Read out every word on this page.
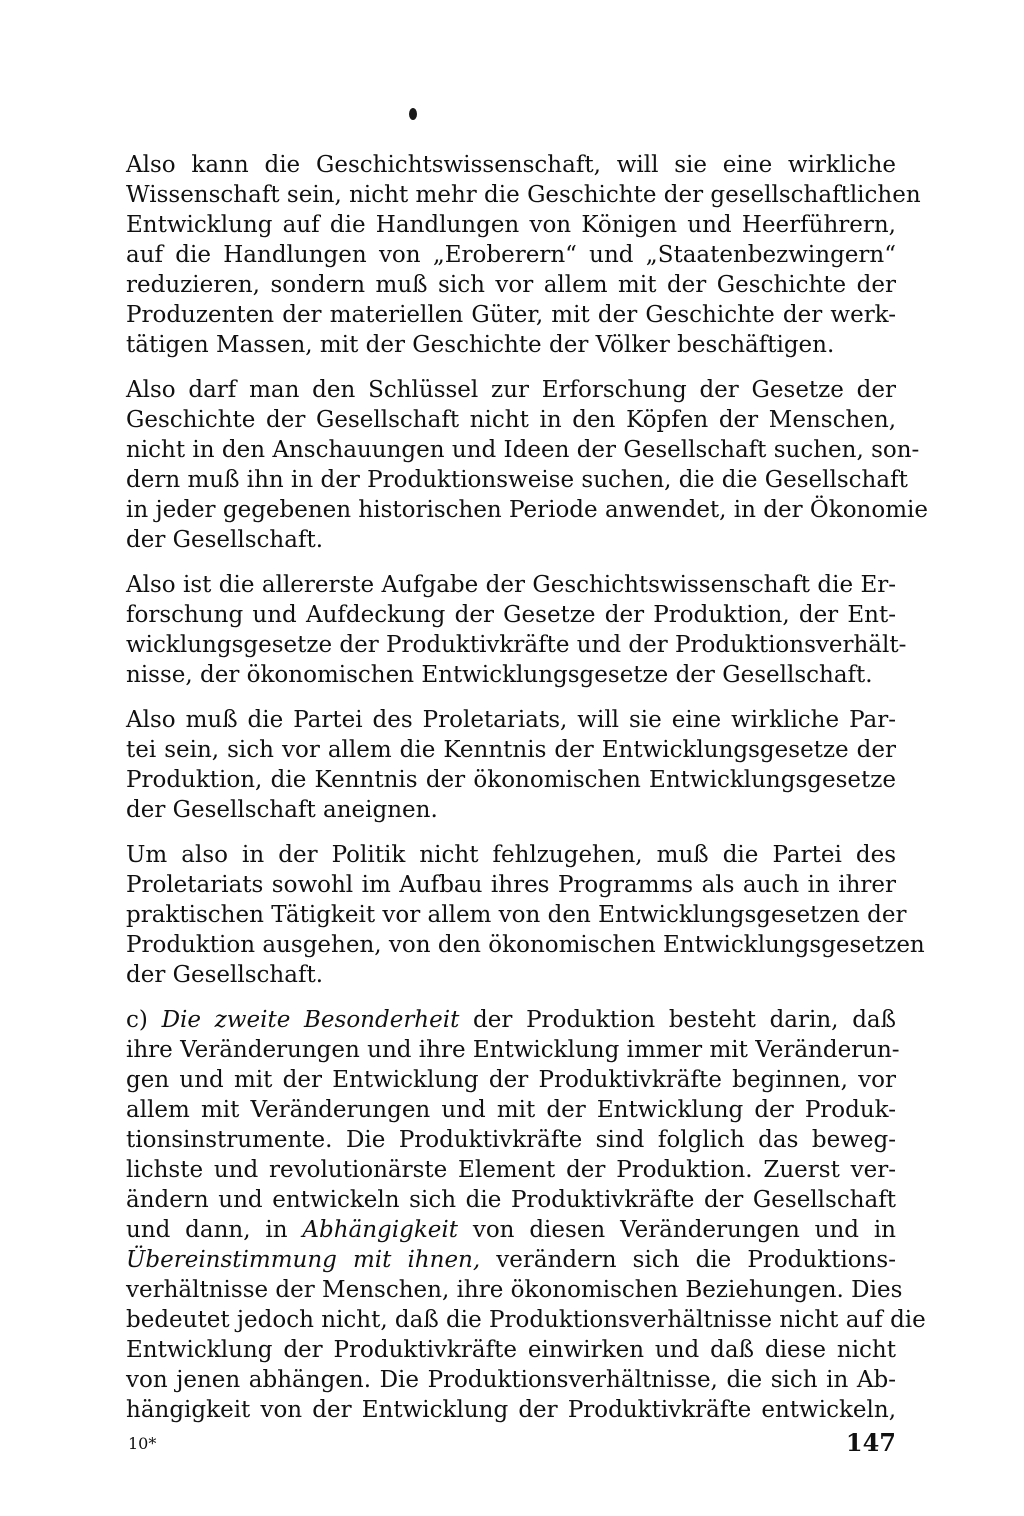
Also kann die Geschichtswissenschaft, will sie eine wirkliche
Wissenschaft sein, nicht mehr die Geschichte der gesellschaftlichen
Entwicklung auf die Handlungen von Königen und Heerführern,
auf die Handlungen von „Eroberern“ und „Staatenbezwingern“
reduzieren, sondern muß sich vor allem mit der Geschichte der
Produzenten der materiellen Güter, mit der Geschichte der werk-
tätigen Massen, mit der Geschichte der Völker beschäftigen.

Also darf man den Schlüssel zur Erforschung der Gesetze der
Geschichte der Gesellschaft nicht in den Köpfen der Menschen,
nicht in den Anschauungen und Ideen der Gesellschaft suchen, son-
dern muß ihn in der Produktionsweise suchen, die die Gesellschaft
in jeder gegebenen historischen Periode anwendet, in der Ökonomie
der Gesellschaft.

Also ist die allererste Aufgabe der Geschichtswissenschaft die Er-
forschung und Aufdeckung der Gesetze der Produktion, der Ent-
wicklungsgesetze der Produktivkräfte und der Produktionsverhält-
nisse, der ökonomischen Entwicklungsgesetze der Gesellschaft.

Also muß die Partei des Proletariats, will sie eine wirkliche Par-
tei sein, sich vor allem die Kenntnis der Entwicklungsgesetze der
Produktion, die Kenntnis der ökonomischen Entwicklungsgesetze
der Gesellschaft aneignen.

Um also in der Politik nicht fehlzugehen, muß die Partei des
Proletariats sowohl im Aufbau ihres Programms als auch in ihrer
praktischen Tätigkeit vor allem von den Entwicklungsgesetzen der
Produktion ausgehen, von den ökonomischen Entwicklungsgesetzen
der Gesellschaft.

c) Die zweite Besonderheit der Produktion besteht darin, daß
ihre Veränderungen und ihre Entwicklung immer mit Veränderun-
gen und mit der Entwicklung der Produktivkräfte beginnen, vor
allem mit Veränderungen und mit der Entwicklung der Produk-
tionsinstrumente. Die Produktivkräfte sind folglich das beweg-
lichste und revolutionärste Element der Produktion. Zuerst ver-
ändern und entwickeln sich die Produktivkräfte der Gesellschaft
und dann, in Abhängigkeit von diesen Veränderungen und in
Übereinstimmung mit ihnen, verändern sich die Produktions-
verhältnisse der Menschen, ihre ökonomischen Beziehungen. Dies
bedeutet jedoch nicht, daß die Produktionsverhältnisse nicht auf die
Entwicklung der Produktivkräfte einwirken und daß diese nicht
von jenen abhängen. Die Produktionsverhältnisse, die sich in Ab-
hängigkeit von der Entwicklung der Produktivkräfte entwickeln,

10*	147
